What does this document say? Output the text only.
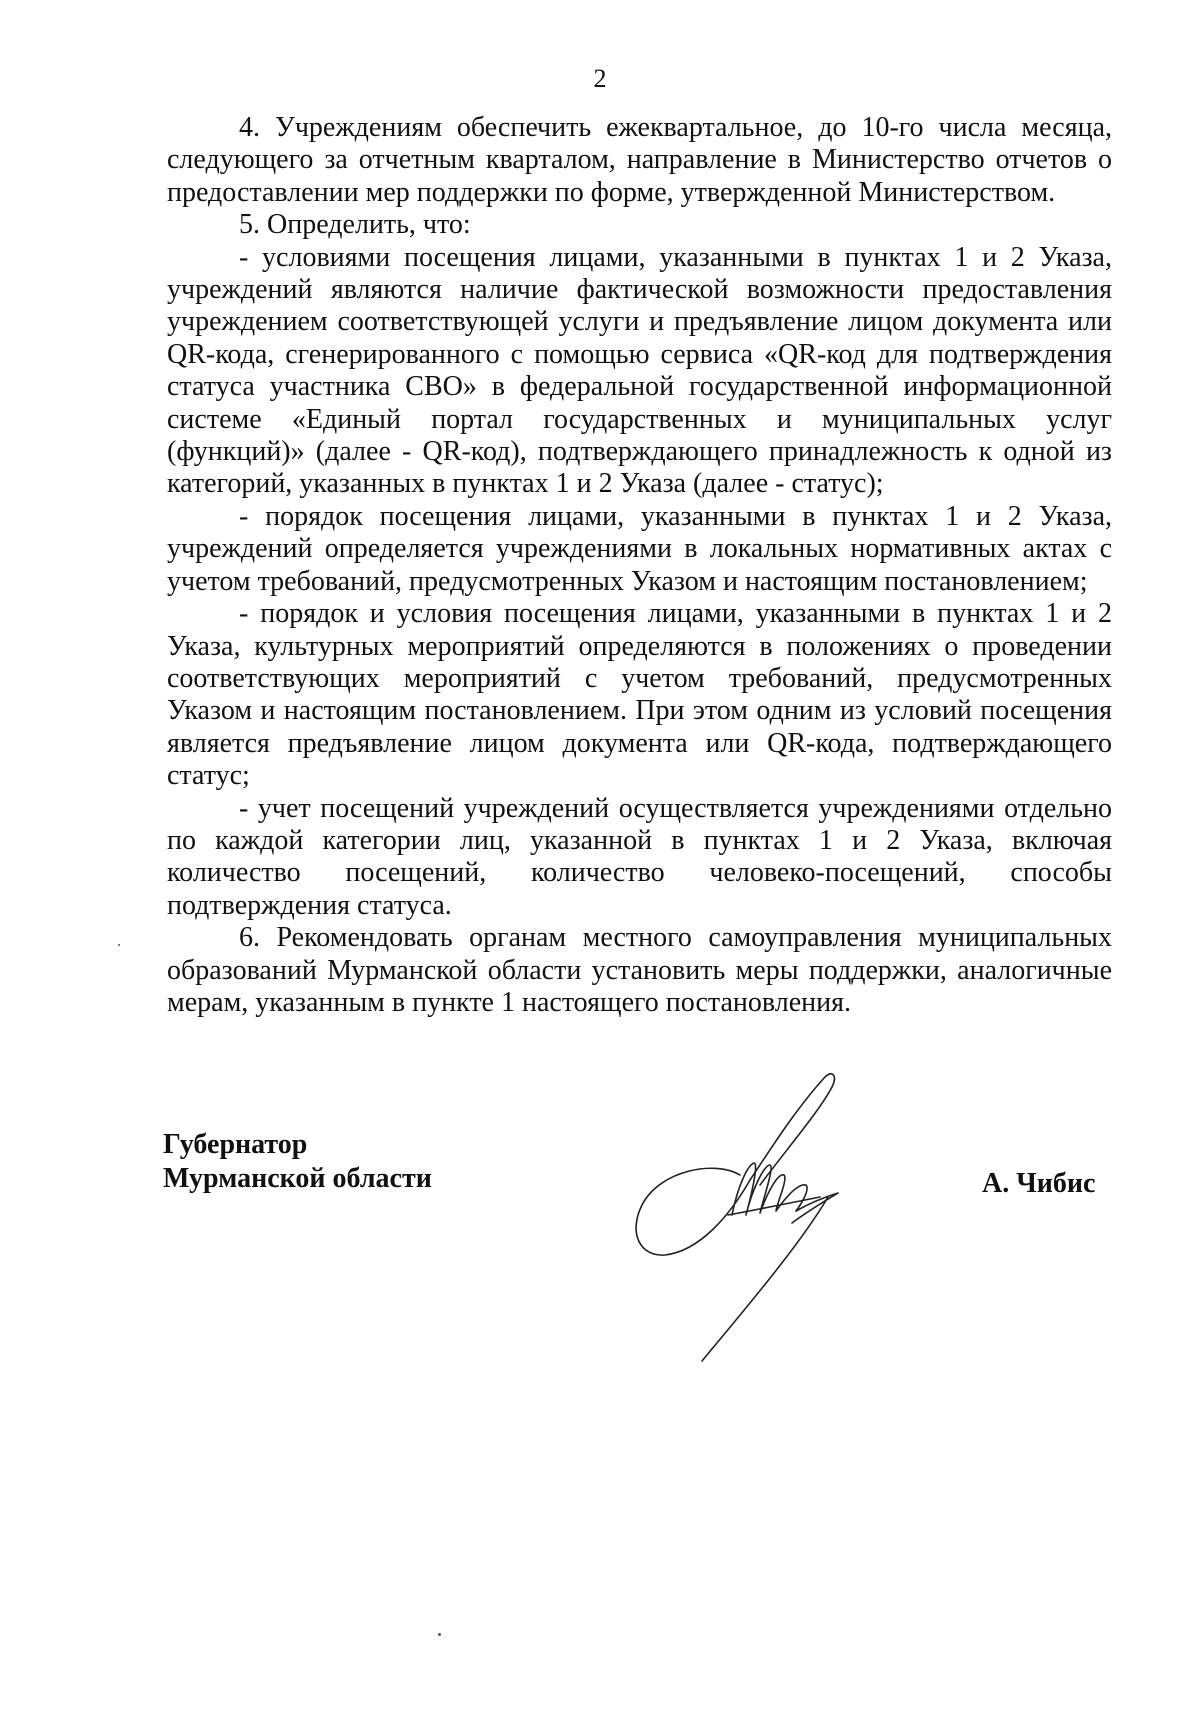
2

4. Учреждениям обеспечить ежеквартальное, до 10-го числа месяца, следующего за отчетным кварталом, направление в Министерство отчетов о предоставлении мер поддержки по форме, утвержденной Министерством.

5. Определить, что:

- условиями посещения лицами, указанными в пунктах 1 и 2 Указа, учреждений являются наличие фактической возможности предоставления учреждением соответствующей услуги и предъявление лицом документа или QR-кода, сгенерированного с помощью сервиса «QR-код для подтверждения статуса участника СВО» в федеральной государственной информационной системе «Единый портал государственных и муниципальных услуг (функций)» (далее - QR-код), подтверждающего принадлежность к одной из категорий, указанных в пунктах 1 и 2 Указа (далее - статус);

- порядок посещения лицами, указанными в пунктах 1 и 2 Указа, учреждений определяется учреждениями в локальных нормативных актах с учетом требований, предусмотренных Указом и настоящим постановлением;

- порядок и условия посещения лицами, указанными в пунктах 1 и 2 Указа, культурных мероприятий определяются в положениях о проведении соответствующих мероприятий с учетом требований, предусмотренных Указом и настоящим постановлением. При этом одним из условий посещения является предъявление лицом документа или QR-кода, подтверждающего статус;

- учет посещений учреждений осуществляется учреждениями отдельно по каждой категории лиц, указанной в пунктах 1 и 2 Указа, включая количество посещений, количество человеко-посещений, способы подтверждения статуса.

6. Рекомендовать органам местного самоуправления муниципальных образований Мурманской области установить меры поддержки, аналогичные мерам, указанным в пункте 1 настоящего постановления.

Губернатор
Мурманской области	А. Чибис
